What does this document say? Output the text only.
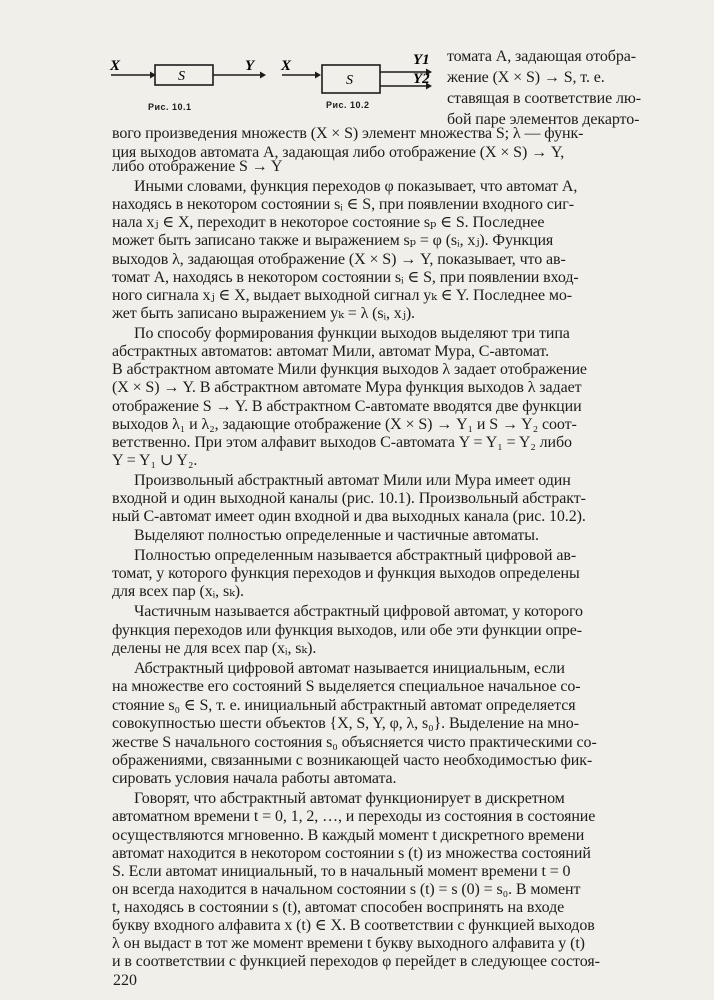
X
S
Y X
S
Y1
Y2
Рис. 10.1	Рис. 10.2
томата A, задающая отобра-
жение (X × S) → S, т. е.
ставящая в соответствие лю-
бой паре элементов декарто-
вого произведения множеств (X × S) элемент множества S; λ — функ-
ция выходов автомата A, задающая либо отображение (X × S) → Y,
либо отображение S → Y
Иными словами, функция переходов φ показывает, что автомат A,
находясь в некотором состоянии sᵢ ∈ S, при появлении входного сиг-
нала xⱼ ∈ X, переходит в некоторое состояние sₚ ∈ S. Последнее
может быть записано также и выражением sₚ = φ (sᵢ, xⱼ). Функция
выходов λ, задающая отображение (X × S) → Y, показывает, что ав-
томат A, находясь в некотором состоянии sᵢ ∈ S, при появлении вход-
ного сигнала xⱼ ∈ X, выдает выходной сигнал yₖ ∈ Y. Последнее мо-
жет быть записано выражением yₖ = λ (sᵢ, xⱼ).
По способу формирования функции выходов выделяют три типа
абстрактных автоматов: автомат Мили, автомат Мура, С-автомат.
В абстрактном автомате Мили функция выходов λ задает отображение
(X × S) → Y. В абстрактном автомате Мура функция выходов λ задает
отображение S → Y. В абстрактном С-автомате вводятся две функции
выходов λ₁ и λ₂, задающие отображение (X × S) → Y₁ и S → Y₂ соот-
ветственно. При этом алфавит выходов С-автомата Y = Y₁ = Y₂ либо
Y = Y₁ ∪ Y₂.
Произвольный абстрактный автомат Мили или Мура имеет один
входной и один выходной каналы (рис. 10.1). Произвольный абстракт-
ный С-автомат имеет один входной и два выходных канала (рис. 10.2).
Выделяют полностью определенные и частичные автоматы.
Полностью определенным называется абстрактный цифровой ав-
томат, у которого функция переходов и функция выходов определены
для всех пар (xᵢ, sₖ).
Частичным называется абстрактный цифровой автомат, у которого
функция переходов или функция выходов, или обе эти функции опре-
делены не для всех пар (xᵢ, sₖ).
Абстрактный цифровой автомат называется инициальным, если
на множестве его состояний S выделяется специальное начальное со-
стояние s₀ ∈ S, т. е. инициальный абстрактный автомат определяется
совокупностью шести объектов {X, S, Y, φ, λ, s₀}. Выделение на мно-
жестве S начального состояния s₀ объясняется чисто практическими со-
ображениями, связанными с возникающей часто необходимостью фик-
сировать условия начала работы автомата.
Говорят, что абстрактный автомат функционирует в дискретном
автоматном времени t = 0, 1, 2, …, и переходы из состояния в состояние
осуществляются мгновенно. В каждый момент t дискретного времени
автомат находится в некотором состоянии s (t) из множества состояний
S. Если автомат инициальный, то в начальный момент времени t = 0
он всегда находится в начальном состоянии s (t) = s (0) = s₀. В момент
t, находясь в состоянии s (t), автомат способен воспринять на входе
букву входного алфавита x (t) ∈ X. В соответствии с функцией выходов
λ он выдаст в тот же момент времени t букву выходного алфавита y (t)
и в соответствии с функцией переходов φ перейдет в следующее состоя-
220
